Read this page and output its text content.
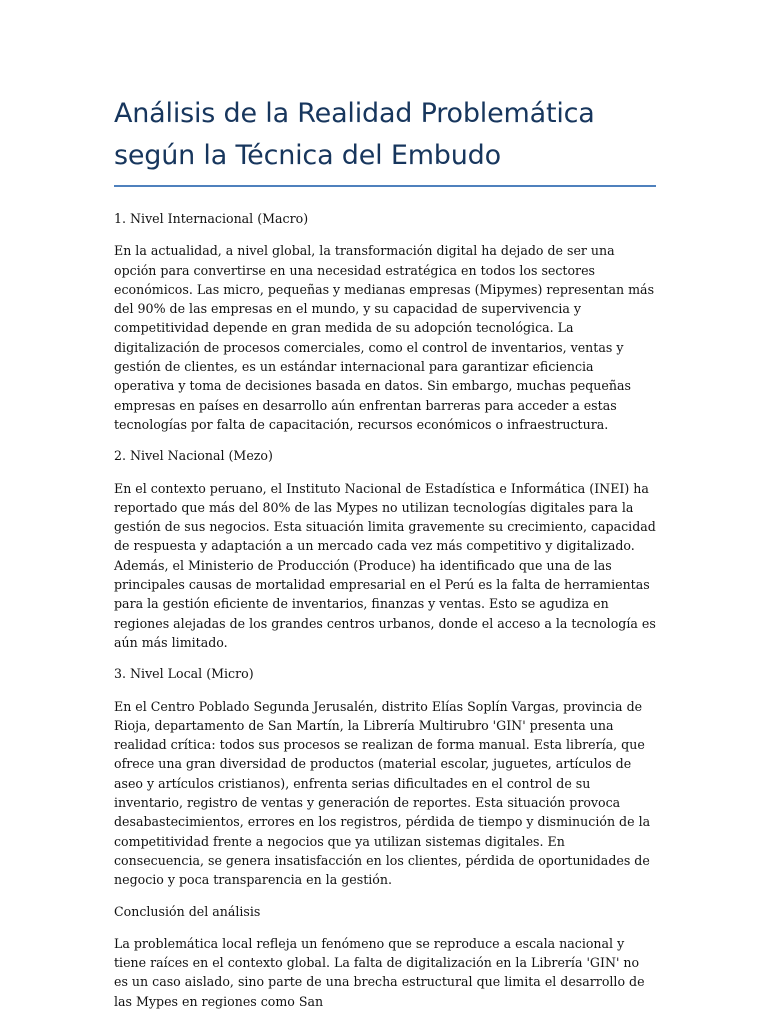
Análisis de la Realidad Problemática
según la Técnica del Embudo

1. Nivel Internacional (Macro)

En la actualidad, a nivel global, la transformación digital ha dejado de ser una opción para convertirse en una necesidad estratégica en todos los sectores económicos. Las micro, pequeñas y medianas empresas (Mipymes) representan más del 90% de las empresas en el mundo, y su capacidad de supervivencia y competitividad depende en gran medida de su adopción tecnológica. La digitalización de procesos comerciales, como el control de inventarios, ventas y gestión de clientes, es un estándar internacional para garantizar eficiencia operativa y toma de decisiones basada en datos. Sin embargo, muchas pequeñas empresas en países en desarrollo aún enfrentan barreras para acceder a estas tecnologías por falta de capacitación, recursos económicos o infraestructura.

2. Nivel Nacional (Mezo)

En el contexto peruano, el Instituto Nacional de Estadística e Informática (INEI) ha reportado que más del 80% de las Mypes no utilizan tecnologías digitales para la gestión de sus negocios. Esta situación limita gravemente su crecimiento, capacidad de respuesta y adaptación a un mercado cada vez más competitivo y digitalizado. Además, el Ministerio de Producción (Produce) ha identificado que una de las principales causas de mortalidad empresarial en el Perú es la falta de herramientas para la gestión eficiente de inventarios, finanzas y ventas. Esto se agudiza en regiones alejadas de los grandes centros urbanos, donde el acceso a la tecnología es aún más limitado.

3. Nivel Local (Micro)

En el Centro Poblado Segunda Jerusalén, distrito Elías Soplín Vargas, provincia de Rioja, departamento de San Martín, la Librería Multirubro 'GIN' presenta una realidad crítica: todos sus procesos se realizan de forma manual. Esta librería, que ofrece una gran diversidad de productos (material escolar, juguetes, artículos de aseo y artículos cristianos), enfrenta serias dificultades en el control de su inventario, registro de ventas y generación de reportes. Esta situación provoca desabastecimientos, errores en los registros, pérdida de tiempo y disminución de la competitividad frente a negocios que ya utilizan sistemas digitales. En consecuencia, se genera insatisfacción en los clientes, pérdida de oportunidades de negocio y poca transparencia en la gestión.

Conclusión del análisis

La problemática local refleja un fenómeno que se reproduce a escala nacional y tiene raíces en el contexto global. La falta de digitalización en la Librería 'GIN' no es un caso aislado, sino parte de una brecha estructural que limita el desarrollo de las Mypes en regiones como San
